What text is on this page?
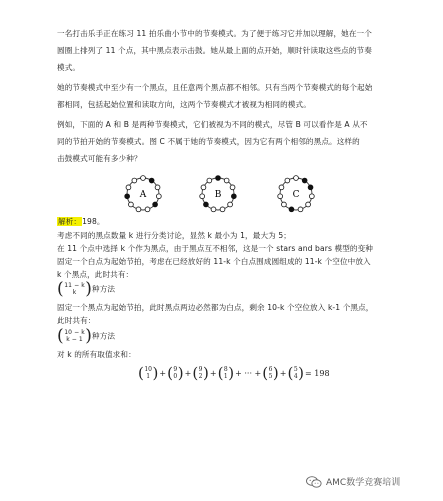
一名打击乐手正在练习 11 拍乐曲小节中的节奏模式。为了便于练习它并加以理解，她在一个
圆圈上排列了 11 个点，其中黑点表示击鼓。她从最上面的点开始，顺时针读取这些点的节奏
模式。
她的节奏模式中至少有一个黑点，且任意两个黑点都不相邻。只有当两个节奏模式的每个起始
都相同，包括起始位置和读取方向，这两个节奏模式才被视为相同的模式。
例如，下面的 A 和 B 是两种节奏模式，它们被视为不同的模式，尽管 B 可以看作是 A 从不
同的节拍开始的节奏模式。图 C 不属于她的节奏模式，因为它有两个相邻的黑点。这样的
击鼓模式可能有多少种？
A	B	C
解析：198。
考虑不同的黑点数量 k 进行分类讨论，显然 k 最小为 1，最大为 5；
在 11 个点中选择 k 个作为黑点，由于黑点互不相邻，这是一个 stars and bars 模型的变种
固定一个白点为起始节拍，考虑在已经放好的 11-k 个白点围成圆组成的 11-k 个空位中放入
k 个黑点，此时共有：
( 11 − k
k ) 种方法
固定一个黑点为起始节拍，此时黑点两边必然都为白点，剩余 10-k 个空位放入 k-1 个黑点，
此时共有：
( 10 − k
k − 1 ) 种方法
对 k 的所有取值求和：
( 10
1 ) + ( 9
0 ) + ( 9
2 ) + ( 8
1 ) + ··· + ( 6
5 ) + ( 5
4 ) = 198
AMC数学竞赛培训
